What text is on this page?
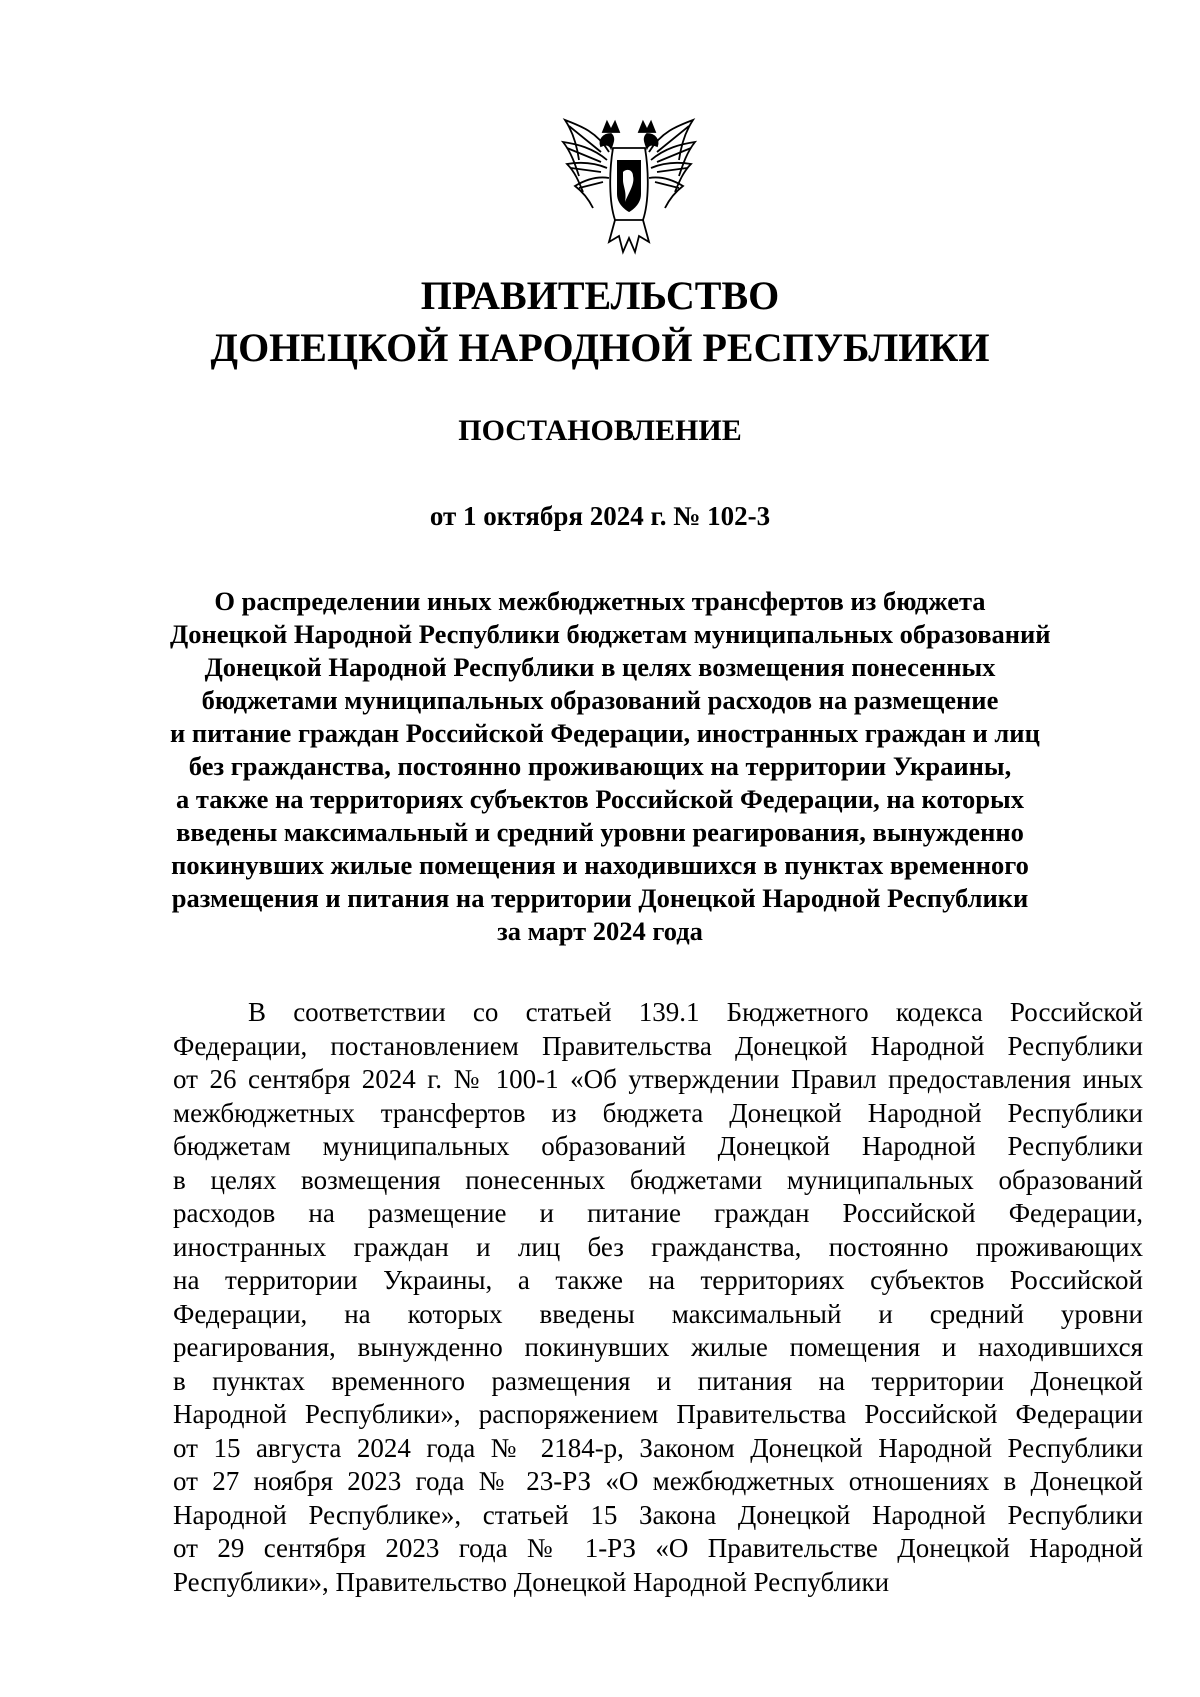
ПРАВИТЕЛЬСТВО
ДОНЕЦКОЙ НАРОДНОЙ РЕСПУБЛИКИ
ПОСТАНОВЛЕНИЕ

от 1 октября 2024 г. № 102-3

О распределении иных межбюджетных трансфертов из бюджета
Донецкой Народной Республики бюджетам муниципальных образований
Донецкой Народной Республики в целях возмещения понесенных
бюджетами муниципальных образований расходов на размещение
и питание граждан Российской Федерации, иностранных граждан и лиц
без гражданства, постоянно проживающих на территории Украины,
а также на территориях субъектов Российской Федерации, на которых
введены максимальный и средний уровни реагирования, вынужденно
покинувших жилые помещения и находившихся в пунктах временного
размещения и питания на территории Донецкой Народной Республики
за март 2024 года

В соответствии со статьей 139.1 Бюджетного кодекса Российской
Федерации, постановлением Правительства Донецкой Народной Республики
от 26 сентября 2024 г. № 100-1 «Об утверждении Правил предоставления иных
межбюджетных трансфертов из бюджета Донецкой Народной Республики
бюджетам муниципальных образований Донецкой Народной Республики
в целях возмещения понесенных бюджетами муниципальных образований
расходов на размещение и питание граждан Российской Федерации,
иностранных граждан и лиц без гражданства, постоянно проживающих
на территории Украины, а также на территориях субъектов Российской
Федерации, на которых введены максимальный и средний уровни
реагирования, вынужденно покинувших жилые помещения и находившихся
в пунктах временного размещения и питания на территории Донецкой
Народной Республики», распоряжением Правительства Российской Федерации
от 15 августа 2024 года № 2184-р, Законом Донецкой Народной Республики
от 27 ноября 2023 года № 23-РЗ «О межбюджетных отношениях в Донецкой
Народной Республике», статьей 15 Закона Донецкой Народной Республики
от 29 сентября 2023 года № 1-РЗ «О Правительстве Донецкой Народной
Республики», Правительство Донецкой Народной Республики
